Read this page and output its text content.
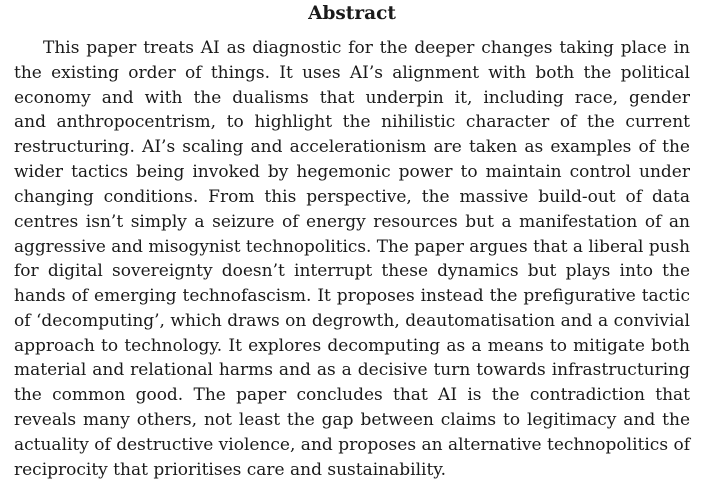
Abstract

This paper treats AI as diagnostic for the deeper changes taking place in
the existing order of things. It uses AI’s alignment with both the political
economy and with the dualisms that underpin it, including race, gender
and anthropocentrism, to highlight the nihilistic character of the current
restructuring. AI’s scaling and accelerationism are taken as examples of the
wider tactics being invoked by hegemonic power to maintain control under
changing conditions. From this perspective, the massive build-out of data
centres isn’t simply a seizure of energy resources but a manifestation of an
aggressive and misogynist technopolitics. The paper argues that a liberal push
for digital sovereignty doesn’t interrupt these dynamics but plays into the
hands of emerging technofascism. It proposes instead the prefigurative tactic
of ‘decomputing’, which draws on degrowth, deautomatisation and a convivial
approach to technology. It explores decomputing as a means to mitigate both
material and relational harms and as a decisive turn towards infrastructuring
the common good. The paper concludes that AI is the contradiction that
reveals many others, not least the gap between claims to legitimacy and the
actuality of destructive violence, and proposes an alternative technopolitics of
reciprocity that prioritises care and sustainability.
